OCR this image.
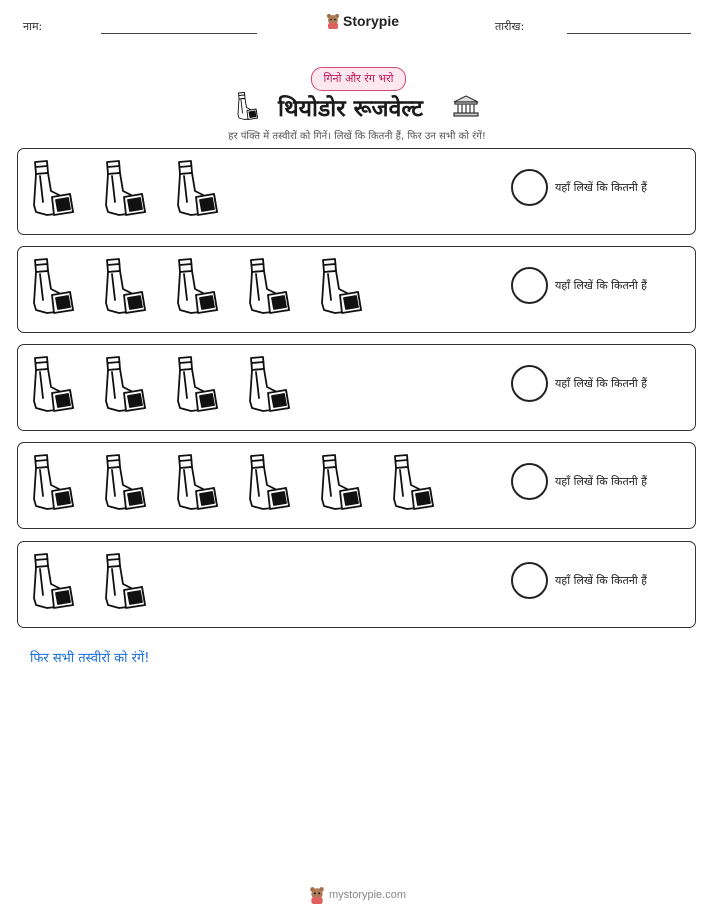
नाम:	Storypie	तारीख:
गिनो और रंग भरो
थियोडोर रूजवेल्ट
हर पंक्ति में तस्वीरों को गिनें। लिखें कि कितनी हैं, फिर उन सभी को रंगें!
यहाँ लिखें कि कितनी हैं
यहाँ लिखें कि कितनी हैं
यहाँ लिखें कि कितनी हैं
यहाँ लिखें कि कितनी हैं
यहाँ लिखें कि कितनी हैं
फिर सभी तस्वीरों को रंगें!
mystorypie.com
